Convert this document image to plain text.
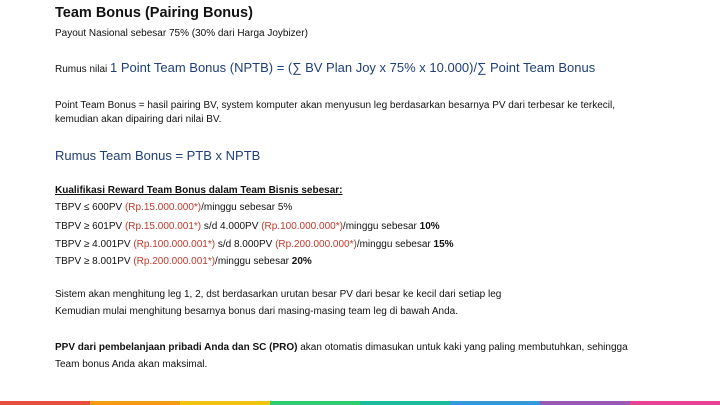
Team Bonus (Pairing Bonus)
Payout Nasional sebesar 75% (30% dari Harga Joybizer)
Rumus nilai 1 Point Team Bonus (NPTB) = (∑ BV Plan Joy x 75% x 10.000)/∑ Point Team Bonus
Point Team Bonus = hasil pairing BV, system komputer akan menyusun leg berdasarkan besarnya PV dari terbesar ke terkecil,
kemudian akan dipairing dari nilai BV.
Rumus Team Bonus = PTB x NPTB
Kualifikasi Reward Team Bonus dalam Team Bisnis sebesar:
TBPV ≤ 600PV (Rp.15.000.000*)/minggu sebesar 5%
TBPV ≥ 601PV (Rp.15.000.001*) s/d 4.000PV (Rp.100.000.000*)/minggu sebesar 10%
TBPV ≥ 4.001PV (Rp.100.000.001*) s/d 8.000PV (Rp.200.000.000*)/minggu sebesar 15%
TBPV ≥ 8.001PV (Rp.200.000.001*)/minggu sebesar 20%
Sistem akan menghitung leg 1, 2, dst berdasarkan urutan besar PV dari besar ke kecil dari setiap leg
Kemudian mulai menghitung besarnya bonus dari masing-masing team leg di bawah Anda.
PPV dari pembelanjaan pribadi Anda dan SC (PRO) akan otomatis dimasukan untuk kaki yang paling membutuhkan, sehingga
Team bonus Anda akan maksimal.
